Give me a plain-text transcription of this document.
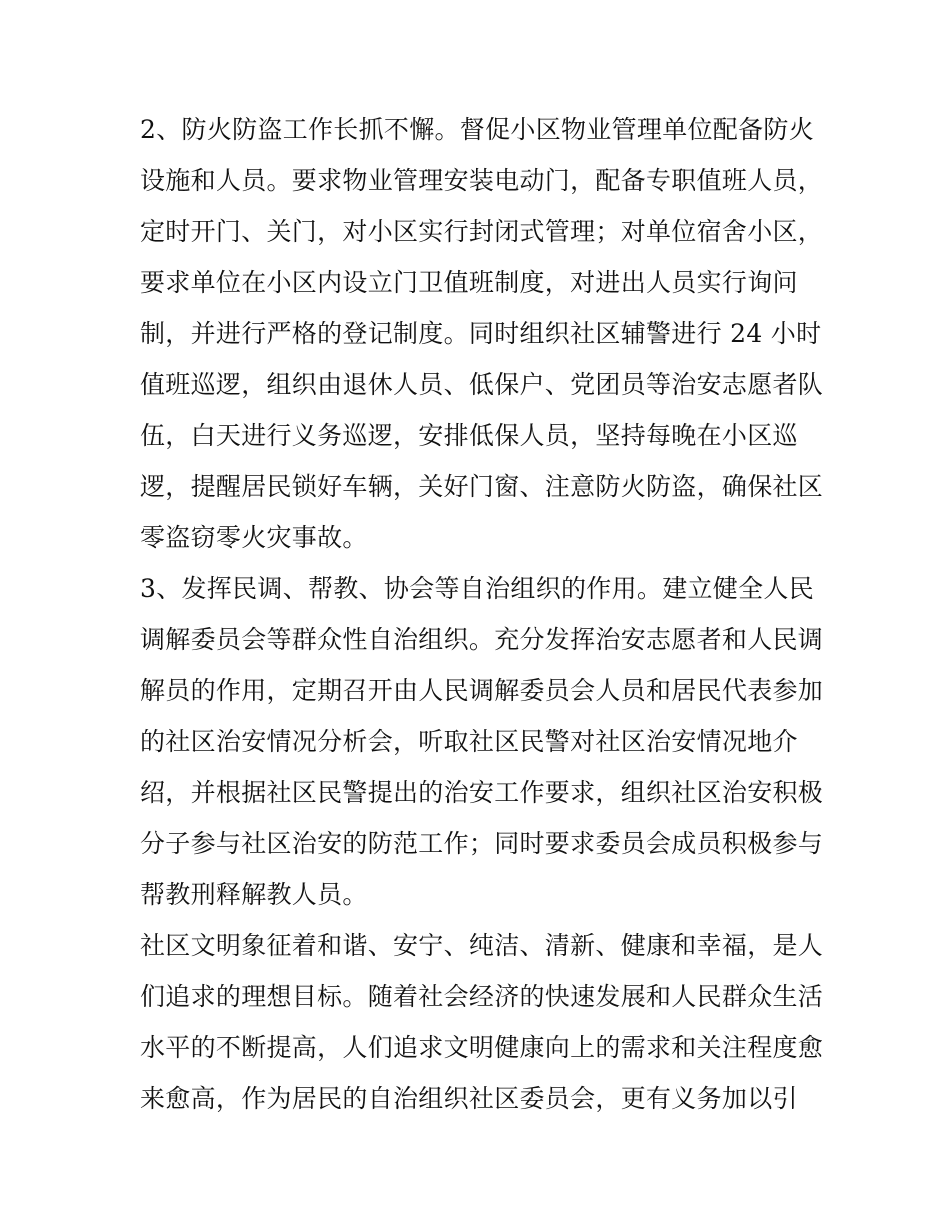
2、防火防盗工作长抓不懈。督促小区物业管理单位配备防火
设施和人员。要求物业管理安装电动门，配备专职值班人员，
定时开门、关门，对小区实行封闭式管理；对单位宿舍小区，
要求单位在小区内设立门卫值班制度，对进出人员实行询问
制，并进行严格的登记制度。同时组织社区辅警进行 24 小时
值班巡逻，组织由退休人员、低保户、党团员等治安志愿者队
伍，白天进行义务巡逻，安排低保人员，坚持每晚在小区巡
逻，提醒居民锁好车辆，关好门窗、注意防火防盗，确保社区
零盗窃零火灾事故。

3、发挥民调、帮教、协会等自治组织的作用。建立健全人民
调解委员会等群众性自治组织。充分发挥治安志愿者和人民调
解员的作用，定期召开由人民调解委员会人员和居民代表参加
的社区治安情况分析会，听取社区民警对社区治安情况地介
绍，并根据社区民警提出的治安工作要求，组织社区治安积极
分子参与社区治安的防范工作；同时要求委员会成员积极参与
帮教刑释解教人员。

社区文明象征着和谐、安宁、纯洁、清新、健康和幸福，是人
们追求的理想目标。随着社会经济的快速发展和人民群众生活
水平的不断提高，人们追求文明健康向上的需求和关注程度愈
来愈高，作为居民的自治组织社区委员会，更有义务加以引
